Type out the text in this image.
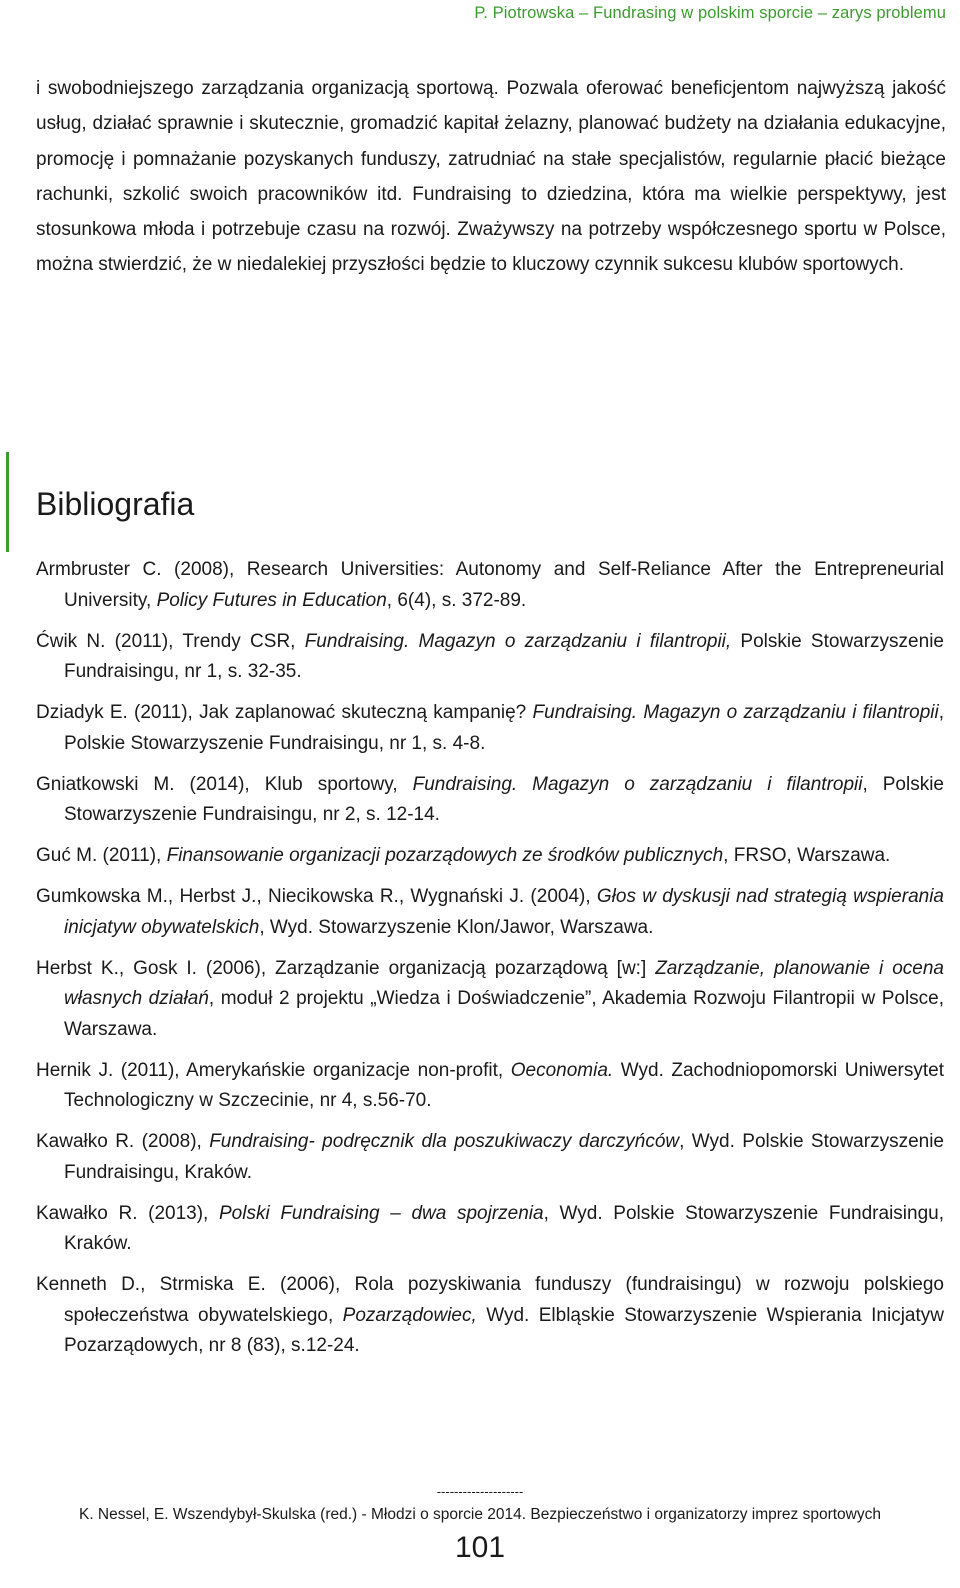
P. Piotrowska – Fundrasing w polskim sporcie – zarys problemu

i swobodniejszego zarządzania organizacją sportową. Pozwala oferować beneficjentom najwyższą jakość usług, działać sprawnie i skutecznie, gromadzić kapitał żelazny, planować budżety na działania edukacyjne, promocję i pomnażanie pozyskanych funduszy, zatrudniać na stałe specjalistów, regularnie płacić bieżące rachunki, szkolić swoich pracowników itd. Fundraising to dziedzina, która ma wielkie perspektywy, jest stosunkowa młoda i potrzebuje czasu na rozwój. Zważywszy na potrzeby współczesnego sportu w Polsce, można stwierdzić, że w niedalekiej przyszłości będzie to kluczowy czynnik sukcesu klubów sportowych.

Bibliografia
Armbruster C. (2008), Research Universities: Autonomy and Self-Reliance After the Entrepreneurial University, Policy Futures in Education, 6(4), s. 372-89.
Ćwik N. (2011), Trendy CSR, Fundraising. Magazyn o zarządzaniu i filantropii, Polskie Stowarzyszenie Fundraisingu, nr 1, s. 32-35.
Dziadyk E. (2011), Jak zaplanować skuteczną kampanię? Fundraising. Magazyn o zarządzaniu i filantropii, Polskie Stowarzyszenie Fundraisingu, nr 1, s. 4-8.
Gniatkowski M. (2014), Klub sportowy, Fundraising. Magazyn o zarządzaniu i filantropii, Polskie Stowarzyszenie Fundraisingu, nr 2, s. 12-14.
Guć M. (2011), Finansowanie organizacji pozarządowych ze środków publicznych, FRSO, Warszawa.
Gumkowska M., Herbst J., Niecikowska R., Wygnański J. (2004), Głos w dyskusji nad strategią wspierania inicjatyw obywatelskich, Wyd. Stowarzyszenie Klon/Jawor, Warszawa.
Herbst K., Gosk I. (2006), Zarządzanie organizacją pozarządową [w:] Zarządzanie, planowanie i ocena własnych działań, moduł 2 projektu „Wiedza i Doświadczenie”, Akademia Rozwoju Filantropii w Polsce, Warszawa.
Hernik J. (2011), Amerykańskie organizacje non-profit, Oeconomia. Wyd. Zachodniopomorski Uniwersytet Technologiczny w Szczecinie, nr 4, s.56-70.
Kawałko R. (2008), Fundraising- podręcznik dla poszukiwaczy darczyńców, Wyd. Polskie Stowarzyszenie Fundraisingu, Kraków.
Kawałko R. (2013), Polski Fundraising – dwa spojrzenia, Wyd. Polskie Stowarzyszenie Fundraisingu, Kraków.
Kenneth D., Strmiska E. (2006), Rola pozyskiwania funduszy (fundraisingu) w rozwoju polskiego społeczeństwa obywatelskiego, Pozarządowiec, Wyd. Elbląskie Stowarzyszenie Wspierania Inicjatyw Pozarządowych, nr 8 (83), s.12-24.
--------------------
K. Nessel, E. Wszendybył-Skulska (red.) - Młodzi o sporcie 2014. Bezpieczeństwo i organizatorzy imprez sportowych
101
